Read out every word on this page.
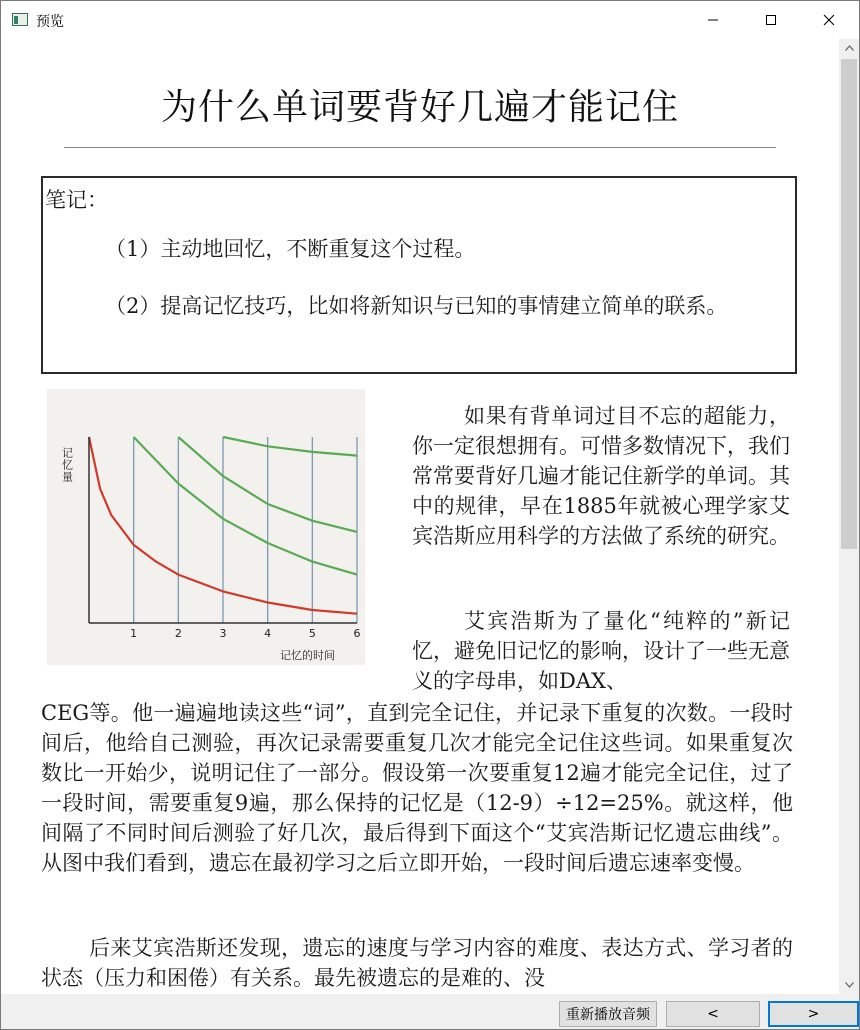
预览
为什么单词要背好几遍才能记住
笔记：
（1）主动地回忆，不断重复这个过程。
（2）提高记忆技巧，比如将新知识与已知的事情建立简单的联系。
1	2	3	4	5	6
记忆量
记忆的时间
如果有背单词过目不忘的超能力，你一定很想拥有。可惜多数情况下，我们常常要背好几遍才能记住新学的单词。其中的规律，早在1885年就被心理学家艾宾浩斯应用科学的方法做了系统的研究。
艾宾浩斯为了量化“纯粹的”新记忆，避免旧记忆的影响，设计了一些无意义的字母串，如DAX、
CEG等。他一遍遍地读这些“词”，直到完全记住，并记录下重复的次数。一段时间后，他给自己测验，再次记录需要重复几次才能完全记住这些词。如果重复次数比一开始少，说明记住了一部分。假设第一次要重复12遍才能完全记住，过了一段时间，需要重复9遍，那么保持的记忆是（12-9）÷12=25%。就这样，他间隔了不同时间后测验了好几次，最后得到下面这个“艾宾浩斯记忆遗忘曲线”。从图中我们看到，遗忘在最初学习之后立即开始，一段时间后遗忘速率变慢。
后来艾宾浩斯还发现，遗忘的速度与学习内容的难度、表达方式、学习者的状态（压力和困倦）有关系。最先被遗忘的是难的、没
重新播放音频	<	>
